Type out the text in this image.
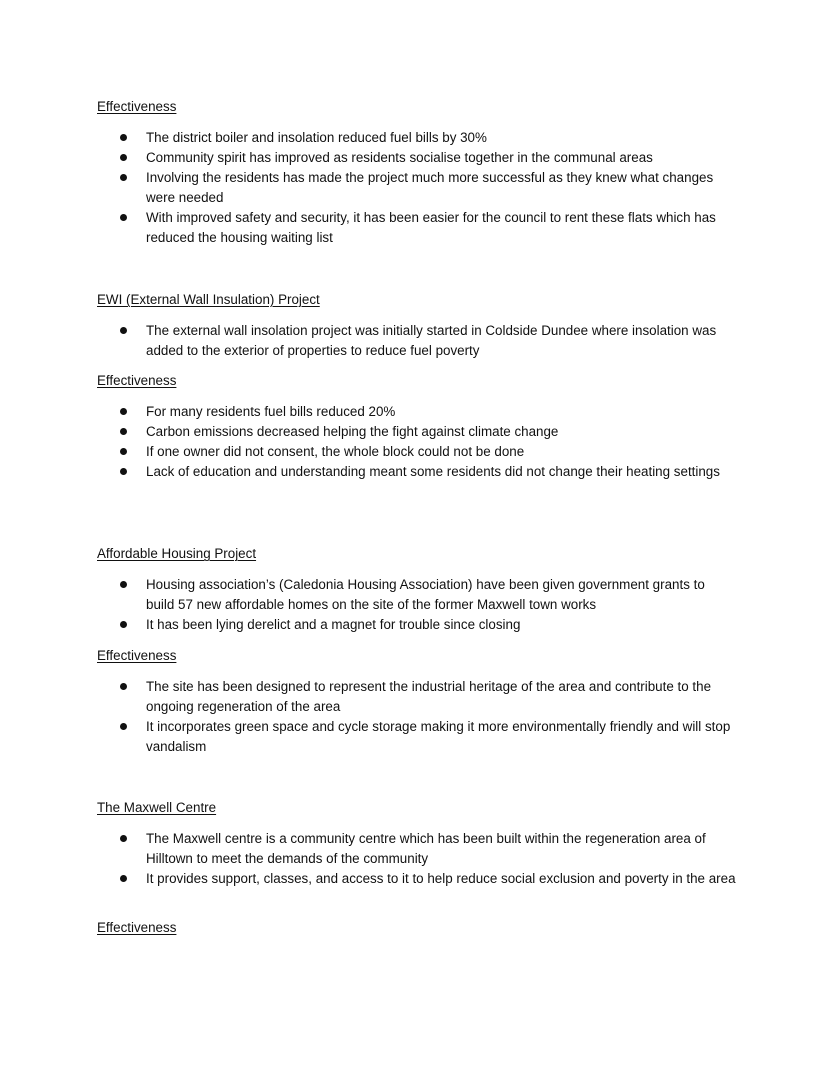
Effectiveness
The district boiler and insolation reduced fuel bills by 30%
Community spirit has improved as residents socialise together in the communal areas
Involving the residents has made the project much more successful as they knew what changes were needed
With improved safety and security, it has been easier for the council to rent these flats which has reduced the housing waiting list
EWI (External Wall Insulation) Project
The external wall insolation project was initially started in Coldside Dundee where insolation was added to the exterior of properties to reduce fuel poverty
Effectiveness
For many residents fuel bills reduced 20%
Carbon emissions decreased helping the fight against climate change
If one owner did not consent, the whole block could not be done
Lack of education and understanding meant some residents did not change their heating settings
Affordable Housing Project
Housing association’s (Caledonia Housing Association) have been given government grants to build 57 new affordable homes on the site of the former Maxwell town works
It has been lying derelict and a magnet for trouble since closing
Effectiveness
The site has been designed to represent the industrial heritage of the area and contribute to the ongoing regeneration of the area
It incorporates green space and cycle storage making it more environmentally friendly and will stop vandalism
The Maxwell Centre
The Maxwell centre is a community centre which has been built within the regeneration area of Hilltown to meet the demands of the community
It provides support, classes, and access to it to help reduce social exclusion and poverty in the area
Effectiveness
